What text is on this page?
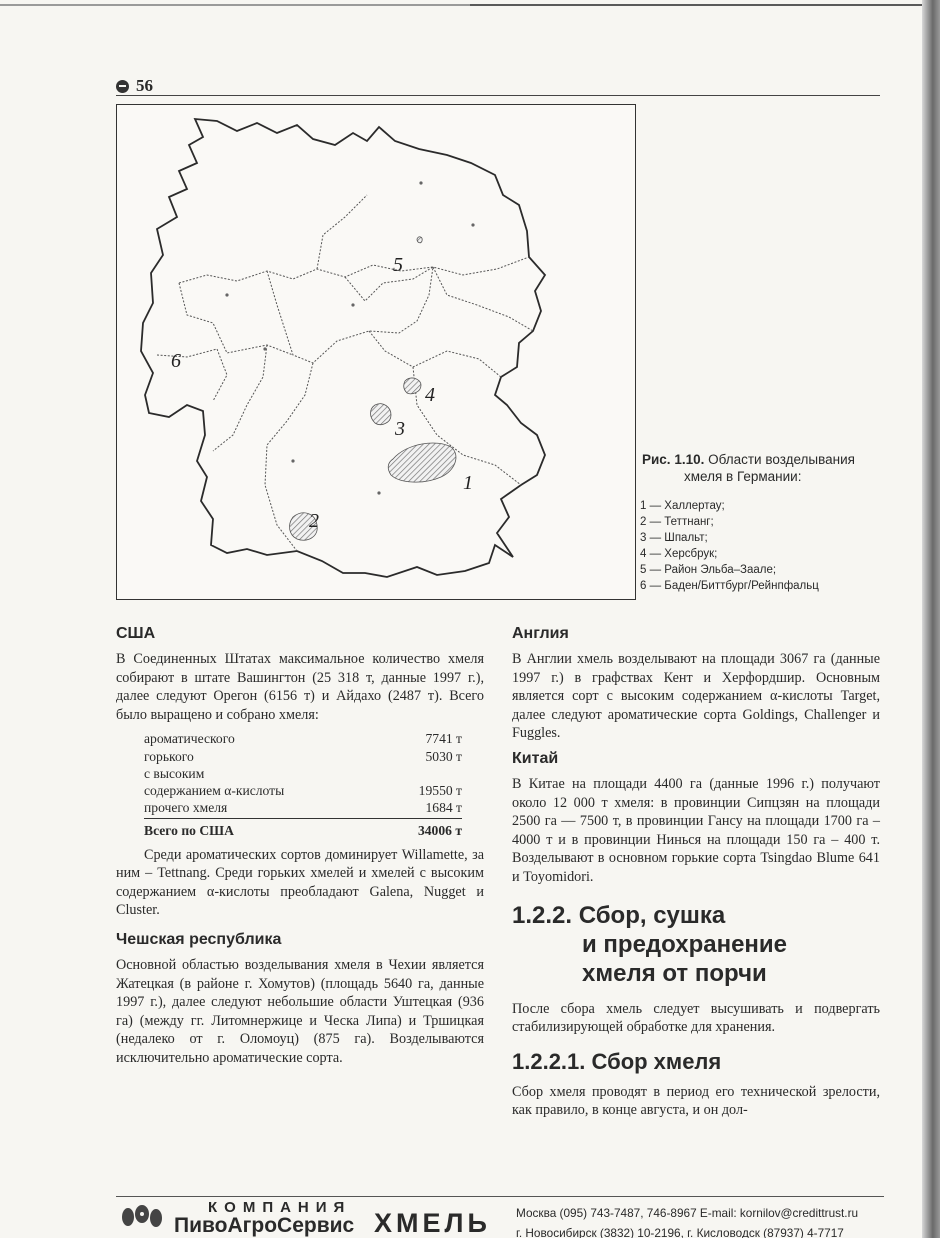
56
1
2
3
4
5
6
Рис. 1.10. Области возделывания
хмеля в Германии:
1 — Халлертау;
2 — Теттнанг;
3 — Шпальт;
4 — Херсбрук;
5 — Район Эльба–Заале;
6 — Баден/Биттбург/Рейнпфальц
США

В Соединенных Штатах максимальное количество хмеля собирают в штате Вашингтон (25 318 т, данные 1997 г.), далее следуют Орегон (6156 т) и Айдахо (2487 т). Всего было выращено и собрано хмеля:

ароматического	7741 т
горького	5030 т
с высоким
содержанием α-кислоты	19550 т
прочего хмеля	1684 т
Всего по США	34006 т

Среди ароматических сортов доминирует Willamette, за ним – Tettnang. Среди горьких хмелей и хмелей с высоким содержанием α-кислоты преобладают Galena, Nugget и Cluster.

Чешская республика

Основной областью возделывания хмеля в Чехии является Жатецкая (в районе г. Хомутов) (площадь 5640 га, данные 1997 г.), далее следуют небольшие области Уштецкая (936 га) (между гг. Литомнержице и Ческа Липа) и Тршицкая (недалеко от г. Оломоуц) (875 га). Возделываются исключительно ароматические сорта.

Англия

В Англии хмель возделывают на площади 3067 га (данные 1997 г.) в графствах Кент и Херфордшир. Основным является сорт с высоким содержанием α-кислоты Target, далее следуют ароматические сорта Goldings, Challenger и Fuggles.

Китай

В Китае на площади 4400 га (данные 1996 г.) получают около 12 000 т хмеля: в провинции Сипцзян на площади 2500 га — 7500 т, в провинции Гансу на площади 1700 га – 4000 т и в провинции Нинься на площади 150 га – 400 т. Возделывают в основном горькие сорта Tsingdao Blume 641 и Toyomidori.

1.2.2. Сбор, сушка
и предохранение
хмеля от порчи

После сбора хмель следует высушивать и подвергать стабилизирующей обработке для хранения.

1.2.2.1. Сбор хмеля

Сбор хмеля проводят в период его технической зрелости, как правило, в конце августа, и он дол-

КОМПАНИЯ
ПивоАгроСервис ХМЕЛЬ Москва (095) 743-7487, 746-8967 E-mail: kornilov@credittrust.ru
г. Новосибирск (3832) 10-2196, г. Кисловодск (87937) 4-7717
